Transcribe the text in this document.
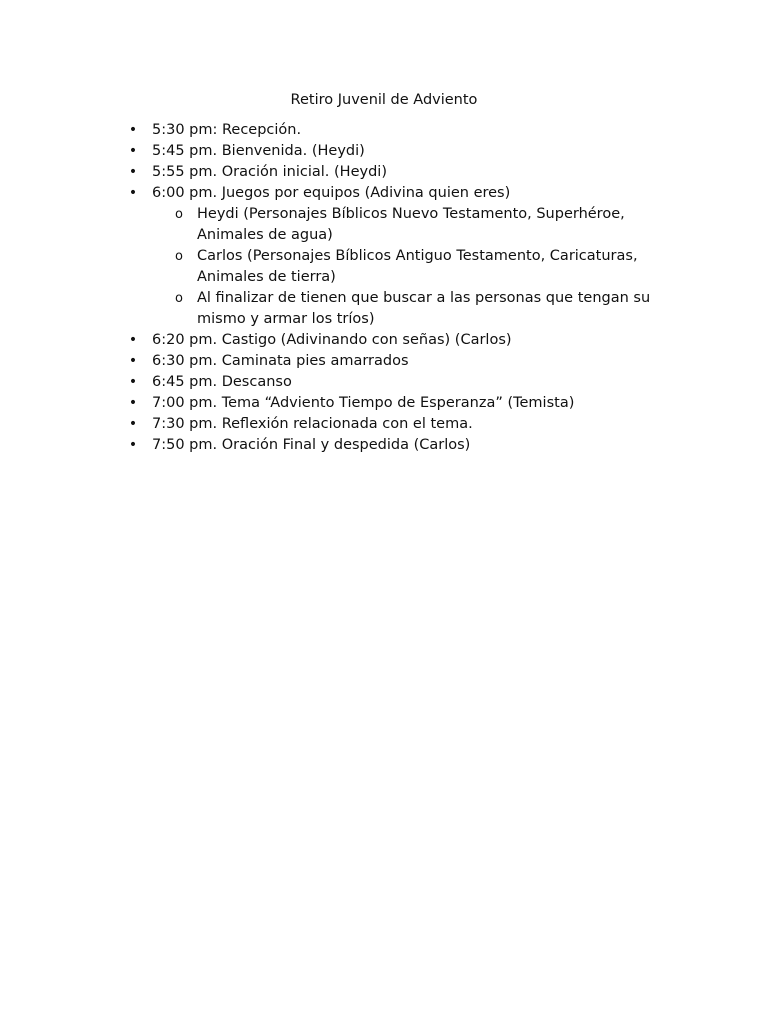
Retiro Juvenil de Adviento
• 5:30 pm: Recepción.
• 5:45 pm. Bienvenida. (Heydi)
• 5:55 pm. Oración inicial. (Heydi)
• 6:00 pm. Juegos por equipos (Adivina quien eres)
o Heydi (Personajes Bíblicos Nuevo Testamento, Superhéroe, Animales de agua)
o Carlos (Personajes Bíblicos Antiguo Testamento, Caricaturas, Animales de tierra)
o Al finalizar de tienen que buscar a las personas que tengan su mismo y armar los tríos)
• 6:20 pm. Castigo (Adivinando con señas) (Carlos)
• 6:30 pm. Caminata pies amarrados
• 6:45 pm. Descanso
• 7:00 pm. Tema “Adviento Tiempo de Esperanza” (Temista)
• 7:30 pm. Reflexión relacionada con el tema.
• 7:50 pm. Oración Final y despedida (Carlos)
